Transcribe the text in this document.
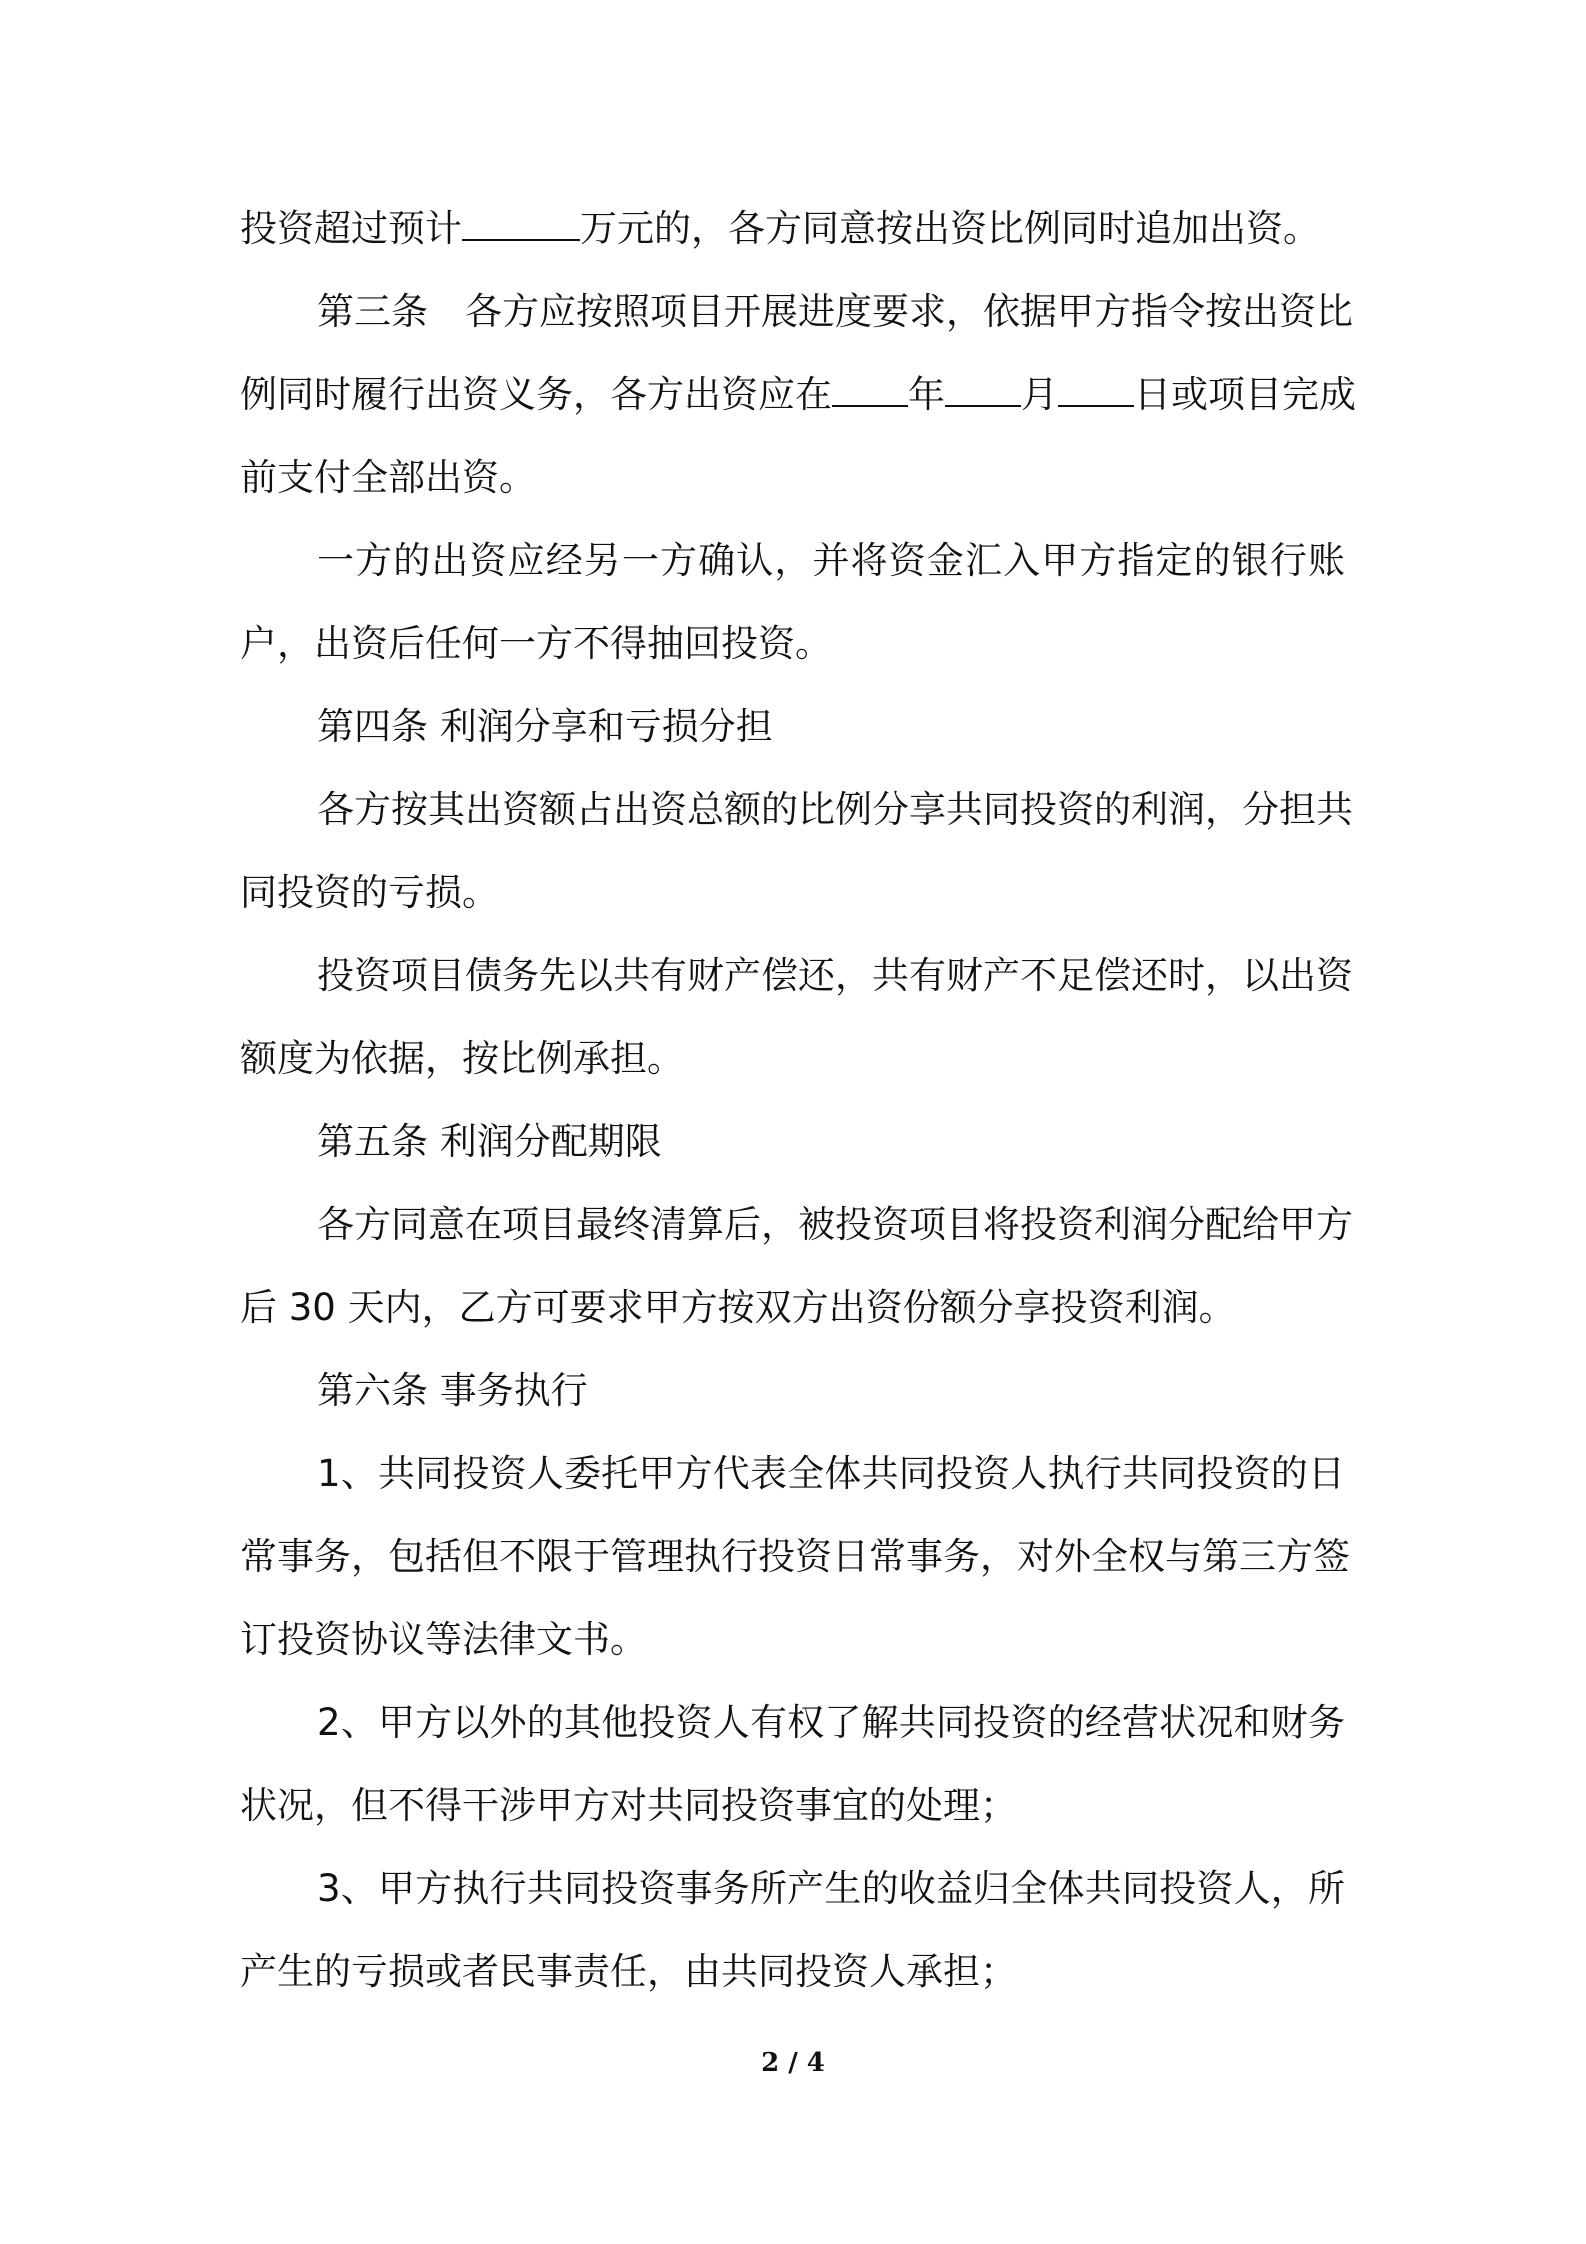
投资超过预计	万元的，各方同意按出资比例同时追加出资。

第三条　各方应按照项目开展进度要求，依据甲方指令按出资比

例同时履行出资义务，各方出资应在 年 月 日或项目完成

前支付全部出资。

一方的出资应经另一方确认，并将资金汇入甲方指定的银行账

户，出资后任何一方不得抽回投资。

第四条 利润分享和亏损分担

各方按其出资额占出资总额的比例分享共同投资的利润，分担共

同投资的亏损。

投资项目债务先以共有财产偿还，共有财产不足偿还时，以出资

额度为依据，按比例承担。

第五条 利润分配期限

各方同意在项目最终清算后，被投资项目将投资利润分配给甲方

后 30 天内，乙方可要求甲方按双方出资份额分享投资利润。

第六条 事务执行

1、共同投资人委托甲方代表全体共同投资人执行共同投资的日

常事务，包括但不限于管理执行投资日常事务，对外全权与第三方签

订投资协议等法律文书。

2、甲方以外的其他投资人有权了解共同投资的经营状况和财务

状况，但不得干涉甲方对共同投资事宜的处理；

3、甲方执行共同投资事务所产生的收益归全体共同投资人，所

产生的亏损或者民事责任，由共同投资人承担；

2 / 4
